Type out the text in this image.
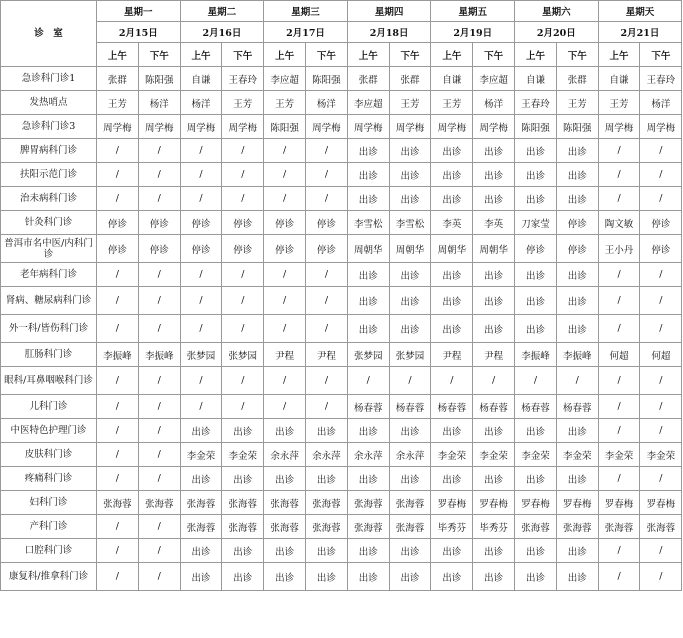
诊　室	星期一		星期二		星期三		星期四		星期五		星期六		星期天	
	2月15日		2月16日		2月17日		2月18日		2月19日		2月20日		2月21日	
	上午	下午	上午	下午	上午	下午	上午	下午	上午	下午	上午	下午	上午	下午
急诊科门诊1	张群	陈阳强	自谦	王春玲	李应超	陈阳强	张群	张群	自谦	李应超	自谦	张群	自谦	王春玲
发热哨点	王芳	杨洋	杨洋	王芳	王芳	杨洋	李应超	王芳	王芳	杨洋	王春玲	王芳	王芳	杨洋
急诊科门诊3	周学梅	周学梅	周学梅	周学梅	陈阳强	周学梅	周学梅	周学梅	周学梅	周学梅	陈阳强	陈阳强	周学梅	周学梅
脾胃病科门诊	/	/	/	/	/	/	出诊	出诊	出诊	出诊	出诊	出诊	/	/
扶阳示范门诊	/	/	/	/	/	/	出诊	出诊	出诊	出诊	出诊	出诊	/	/
治未病科门诊	/	/	/	/	/	/	出诊	出诊	出诊	出诊	出诊	出诊	/	/
针灸科门诊	停诊	停诊	停诊	停诊	停诊	停诊	李雪松	李雪松	李英	李英	刀家莹	停诊	陶文敏	停诊
普洱市名中医/内科门诊	停诊	停诊	停诊	停诊	停诊	停诊	周朝华	周朝华	周朝华	周朝华	停诊	停诊	王小丹	停诊
老年病科门诊	/	/	/	/	/	/	出诊	出诊	出诊	出诊	出诊	出诊	/	/
肾病、糖尿病科门诊	/	/	/	/	/	/	出诊	出诊	出诊	出诊	出诊	出诊	/	/
外一科/皆伤科门诊	/	/	/	/	/	/	出诊	出诊	出诊	出诊	出诊	出诊	/	/
肛肠科门诊	李振峰	李振峰	张梦园	张梦园	尹程	尹程	张梦园	张梦园	尹程	尹程	李振峰	李振峰	何超	何超
眼科/耳鼻咽喉科门诊	/	/	/	/	/	/	/	/	/	/	/	/	/	/
儿科门诊	/	/	/	/	/	/	杨春蓉	杨春蓉	杨春蓉	杨春蓉	杨春蓉	杨春蓉	/	/
中医特色护理门诊	/	/	出诊	出诊	出诊	出诊	出诊	出诊	出诊	出诊	出诊	出诊	/	/
皮肤科门诊	/	/	李金荣	李金荣	余永萍	余永萍	余永萍	余永萍	李金荣	李金荣	李金荣	李金荣	李金荣	李金荣
疼痛科门诊	/	/	出诊	出诊	出诊	出诊	出诊	出诊	出诊	出诊	出诊	出诊	/	/
妇科门诊	张海蓉	张海蓉	张海蓉	张海蓉	张海蓉	张海蓉	张海蓉	张海蓉	罗春梅	罗春梅	罗春梅	罗春梅	罗春梅	罗春梅
产科门诊	/	/	张海蓉	张海蓉	张海蓉	张海蓉	张海蓉	张海蓉	毕秀芬	毕秀芬	张海蓉	张海蓉	张海蓉	张海蓉
口腔科门诊	/	/	出诊	出诊	出诊	出诊	出诊	出诊	出诊	出诊	出诊	出诊	/	/
康复科/推拿科门诊	/	/	出诊	出诊	出诊	出诊	出诊	出诊	出诊	出诊	出诊	出诊	/	/
